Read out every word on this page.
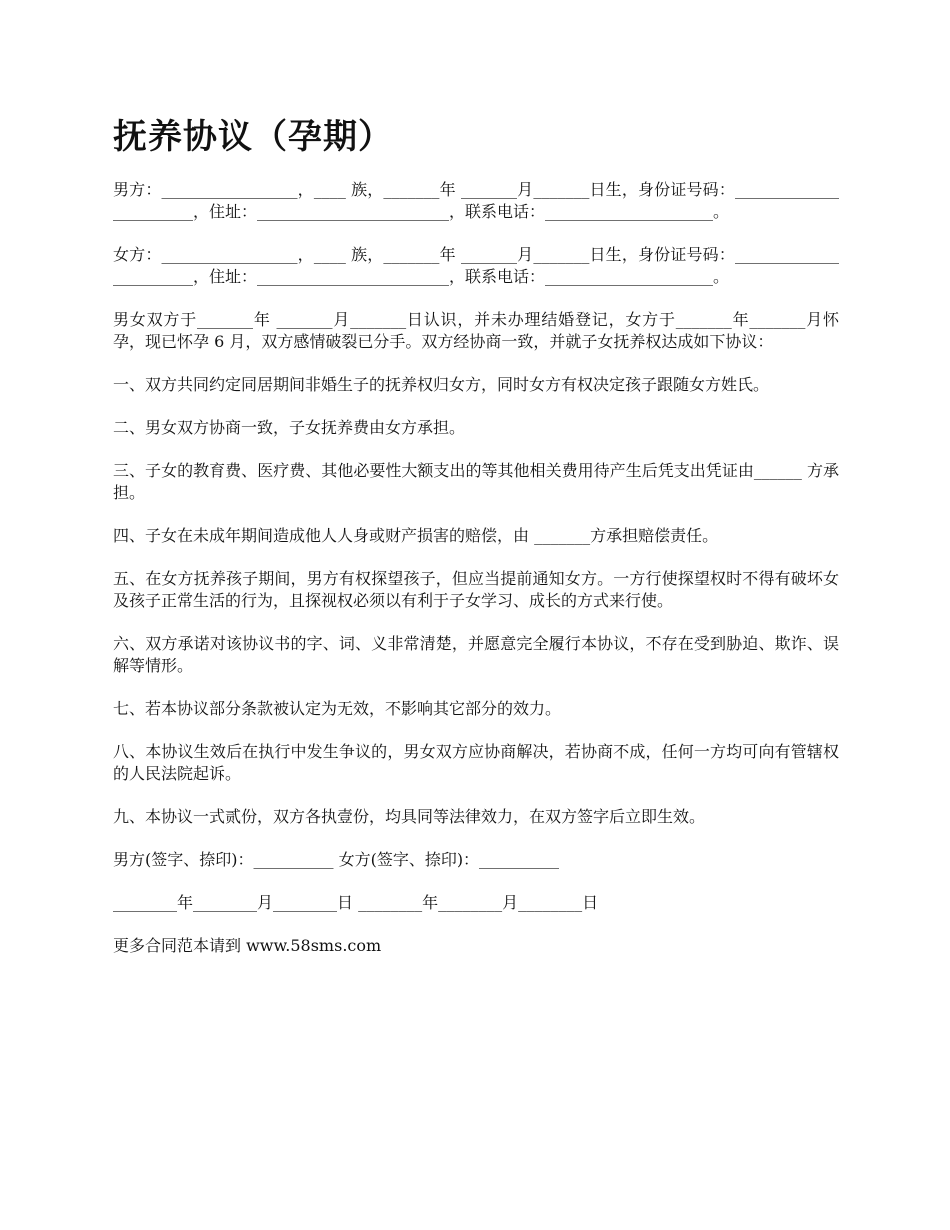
抚养协议（孕期）

男方：_________________，____ 族，_______年 _______月_______日生，身份证号码：_______________________，住址：________________________，联系电话：_____________________。

女方：_________________，____ 族，_______年 _______月_______日生，身份证号码：_______________________，住址：________________________，联系电话：_____________________。

男女双方于_______年 _______月_______日认识，并未办理结婚登记，女方于_______年_______月怀孕，现已怀孕 6 月，双方感情破裂已分手。双方经协商一致，并就子女抚养权达成如下协议：

一、双方共同约定同居期间非婚生子的抚养权归女方，同时女方有权决定孩子跟随女方姓氏。

二、男女双方协商一致，子女抚养费由女方承担。

三、子女的教育费、医疗费、其他必要性大额支出的等其他相关费用待产生后凭支出凭证由______ 方承担。

四、子女在未成年期间造成他人人身或财产损害的赔偿，由 _______方承担赔偿责任。

五、在女方抚养孩子期间，男方有权探望孩子，但应当提前通知女方。一方行使探望权时不得有破坏女及孩子正常生活的行为，且探视权必须以有利于子女学习、成长的方式来行使。

六、双方承诺对该协议书的字、词、义非常清楚，并愿意完全履行本协议，不存在受到胁迫、欺诈、误解等情形。

七、若本协议部分条款被认定为无效，不影响其它部分的效力。

八、本协议生效后在执行中发生争议的，男女双方应协商解决，若协商不成，任何一方均可向有管辖权的人民法院起诉。

九、本协议一式贰份，双方各执壹份，均具同等法律效力，在双方签字后立即生效。

男方(签字、捺印)：__________ 女方(签字、捺印)：__________

________年________月________日 ________年________月________日

更多合同范本请到 www.58sms.com
